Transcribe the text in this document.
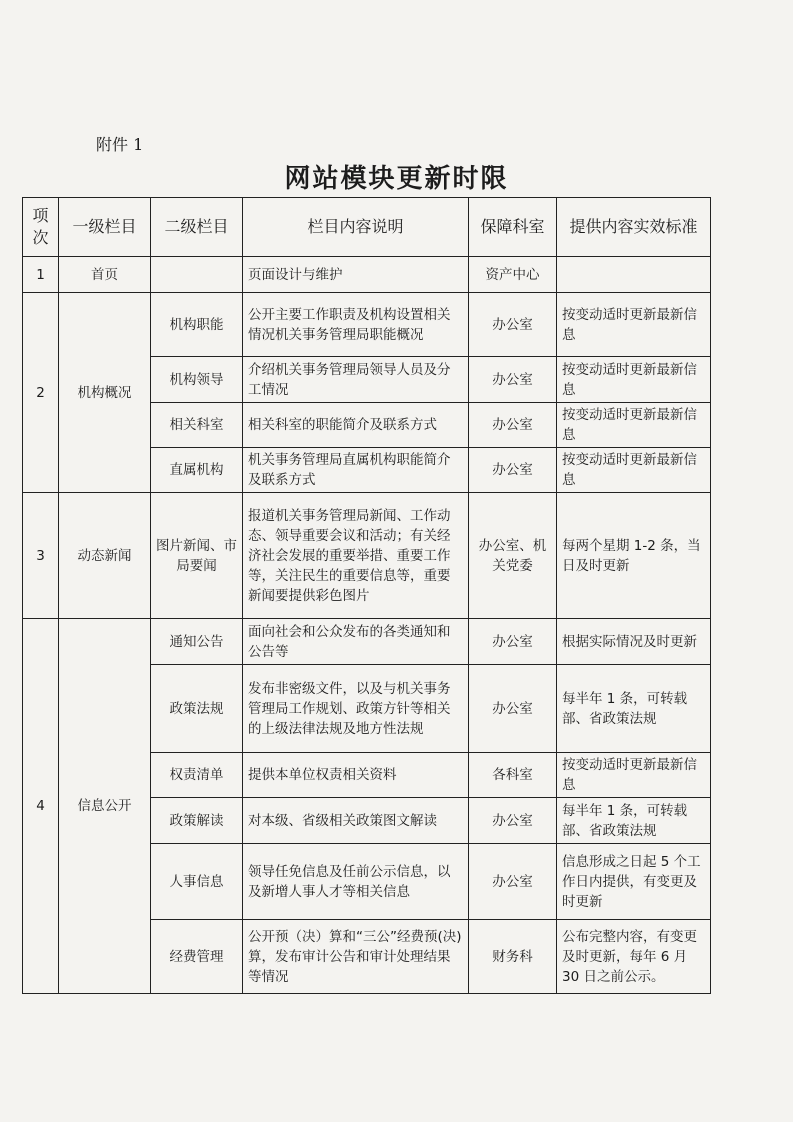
附件 1
网站模块更新时限
项次	一级栏目	二级栏目	栏目内容说明	保障科室	提供内容实效标准
1	首页		页面设计与维护	资产中心	
2	机构概况	机构职能	公开主要工作职责及机构设置相关情况机关事务管理局职能概况	办公室	按变动适时更新最新信息
		机构领导	介绍机关事务管理局领导人员及分工情况	办公室	按变动适时更新最新信息
		相关科室	相关科室的职能简介及联系方式	办公室	按变动适时更新最新信息
		直属机构	机关事务管理局直属机构职能简介及联系方式	办公室	按变动适时更新最新信息
3	动态新闻	图片新闻、市局要闻	报道机关事务管理局新闻、工作动态、领导重要会议和活动；有关经济社会发展的重要举措、重要工作等，关注民生的重要信息等，重要新闻要提供彩色图片	办公室、机关党委	每两个星期 1-2 条，当日及时更新
4	信息公开	通知公告	面向社会和公众发布的各类通知和公告等	办公室	根据实际情况及时更新
		政策法规	发布非密级文件，以及与机关事务管理局工作规划、政策方针等相关的上级法律法规及地方性法规	办公室	每半年 1 条，可转载部、省政策法规
		权责清单	提供本单位权责相关资料	各科室	按变动适时更新最新信息
		政策解读	对本级、省级相关政策图文解读	办公室	每半年 1 条，可转载部、省政策法规
		人事信息	领导任免信息及任前公示信息，以及新增人事人才等相关信息	办公室	信息形成之日起 5 个工作日内提供，有变更及时更新
		经费管理	公开预（决）算和“三公”经费预(决)算，发布审计公告和审计处理结果等情况	财务科	公布完整内容，有变更及时更新，每年 6 月 30 日之前公示。
